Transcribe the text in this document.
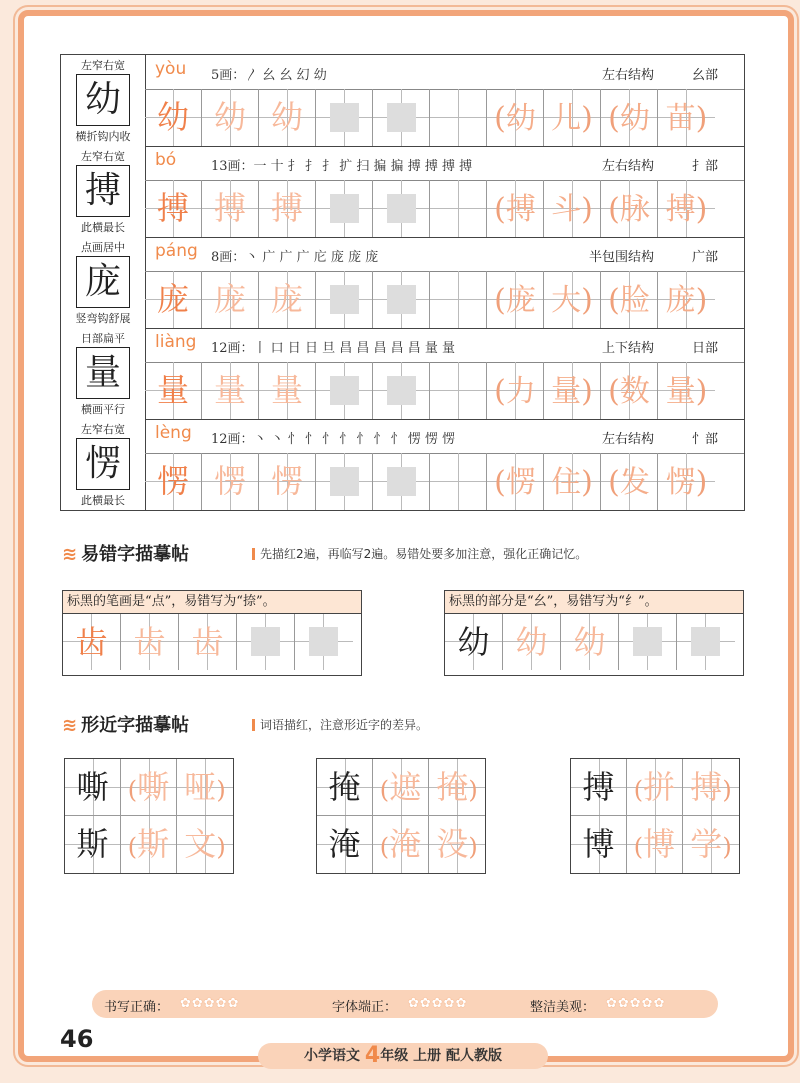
左窄右宽
幼
横折钩内收
yòu 5画：〳 幺 幺 幻 幼	左右结构	幺部
幼 幼 幼	(幼 儿) (幼 苗)
左窄右宽
搏
此横最长
bó	13画：一 十 扌 扌 扌 扩 扫 揙 揙 搏 搏 搏 搏	左右结构	扌部
搏 搏 搏	(搏 斗) (脉 搏)
点画居中
庞
竖弯钩舒展
páng 8画：丶 广 广 广 庀 庞 庞 庞	半包围结构	广部
庞 庞 庞	(庞 大) (脸 庞)
日部扁平
量
横画平行
liàng 12画：丨 口 日 日 旦 昌 昌 昌 昌 昌 量 量	上下结构	日部
量 量 量	(力 量) (数 量)
左窄右宽
愣
此横最长
lèng 12画：丶 丶 忄 忄 忄 忄 忄 忄 忄 愣 愣 愣	左右结构	忄部
愣 愣 愣	(愣 住) (发 愣)
≋ 易错字描摹帖	先描红2遍，再临写2遍。易错处要多加注意，强化正确记忆。
标黑的笔画是“点”，易错写为“捺”。
齿 齿 齿
标黑的部分是“幺”，易错写为“纟”。
幼 幼 幼
≋ 形近字描摹帖	词语描红，注意形近字的差异。
嘶 (嘶 哑)
斯 (斯 文)
掩 (遮 掩)
淹 (淹 没)
搏 (拼 搏)
博 (博 学)
书写正确： ✿✿✿✿✿	字体端正： ✿✿✿✿✿	整洁美观： ✿✿✿✿✿
46
小学语文 4年级 上册 配人教版
